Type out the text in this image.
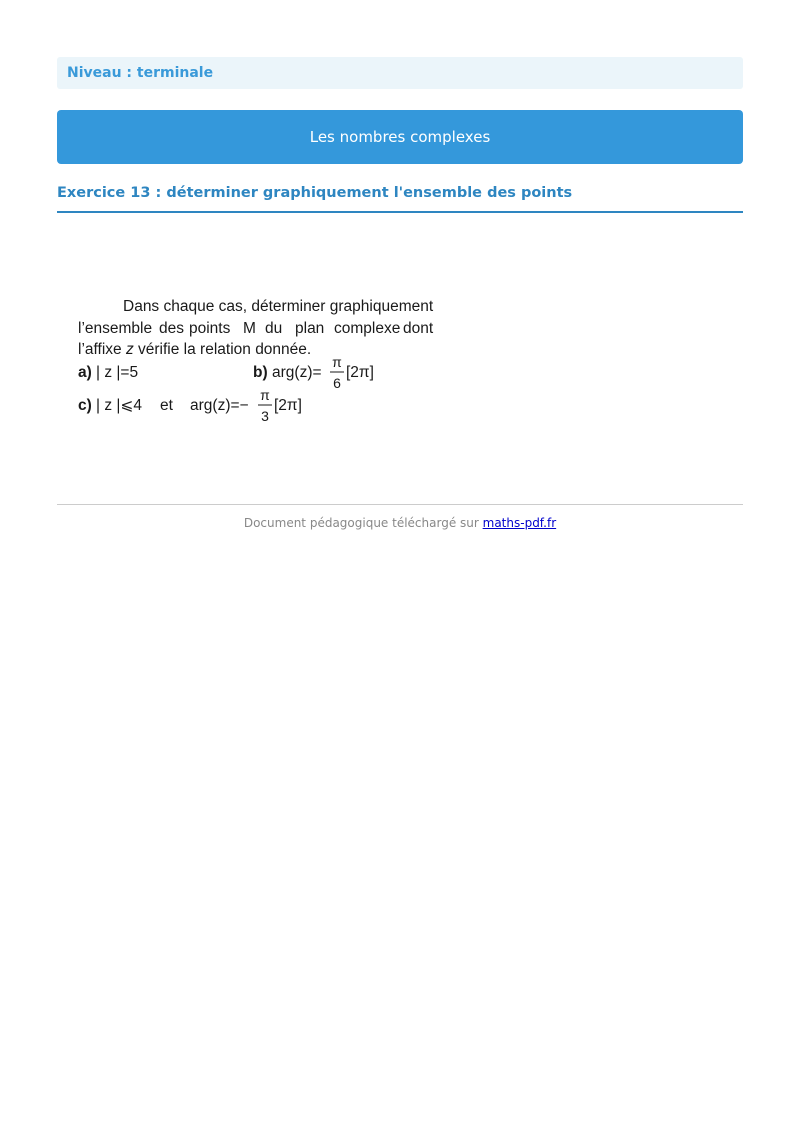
Niveau : terminale
Les nombres complexes
Exercice 13 : déterminer graphiquement l'ensemble des points
Dans chaque cas, déterminer graphiquement
l’ensemble des points M du plan complexe dont
l’affixe z vérifie la relation donnée.
a) | z |=5	b) arg(z)=
π
6
[2π]
c) | z |⩽4 et arg(z)=−
π
3
[2π]
Document pédagogique téléchargé sur maths-pdf.fr
